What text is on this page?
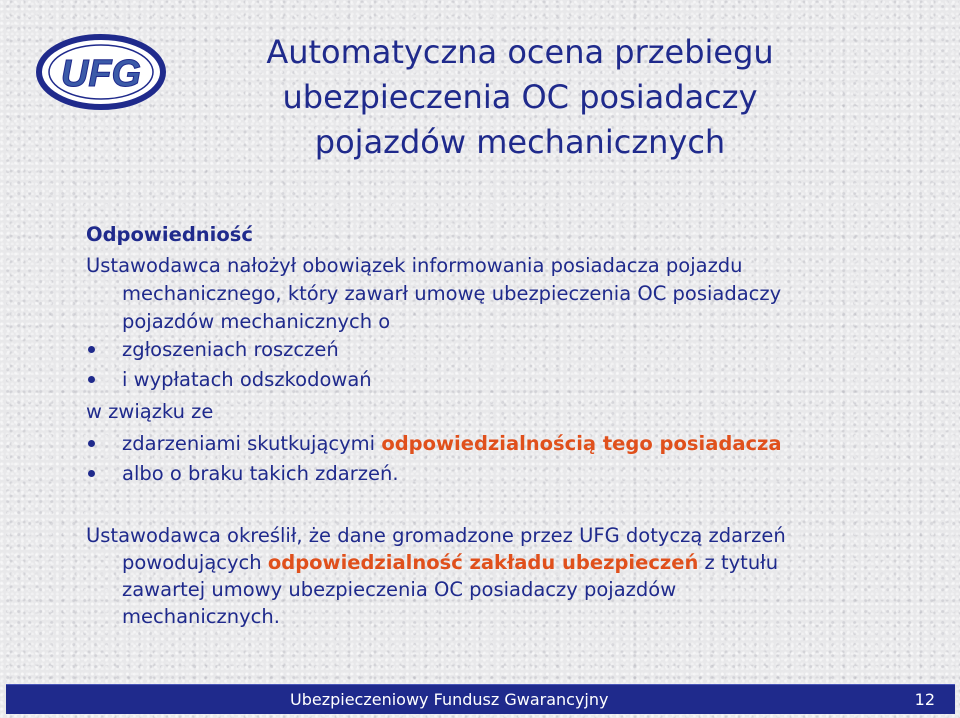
UFG
Automatyczna ocena przebiegu
ubezpieczenia OC posiadaczy
pojazdów mechanicznych
Odpowiedniość
Ustawodawca nałożył obowiązek informowania posiadacza pojazdu
mechanicznego, który zawarł umowę ubezpieczenia OC posiadaczy
pojazdów mechanicznych o
zgłoszeniach roszczeń
i wypłatach odszkodowań
w związku ze
zdarzeniami skutkującymi odpowiedzialnością tego posiadacza
albo o braku takich zdarzeń.
Ustawodawca określił, że dane gromadzone przez UFG dotyczą zdarzeń
powodujących odpowiedzialność zakładu ubezpieczeń z tytułu
zawartej umowy ubezpieczenia OC posiadaczy pojazdów
mechanicznych.
Ubezpieczeniowy Fundusz Gwarancyjny	12
